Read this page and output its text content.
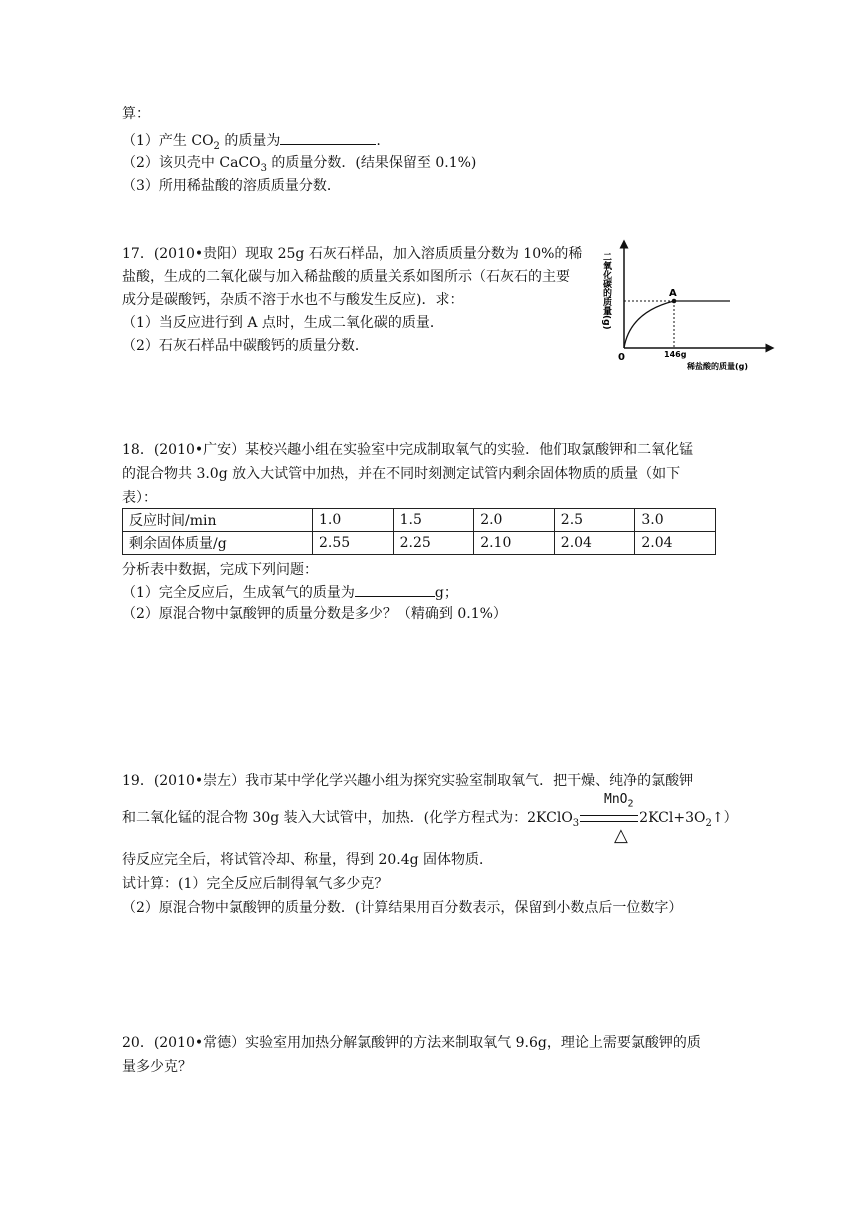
算：
（1）产生 $CO_2$ 的质量为	.
（2）该贝壳中 CaCO$_3$ 的质量分数．(结果保留至 0.1%)
（3）所用稀盐酸的溶质质量分数．
17．(2010•贵阳）现取 25g 石灰石样品，加入溶质质量分数为 10%的稀
盐酸，生成的二氧化碳与加入稀盐酸的质量关系如图所示（石灰石的主要
成分是碳酸钙，杂质不溶于水也不与酸发生反应)．求：
（1）当反应进行到 A 点时，生成二氧化碳的质量．
（2）石灰石样品中碳酸钙的质量分数．
A
0	146g
稀盐酸的质量(g)
二氧化碳的质量(g)
18．(2010•广安）某校兴趣小组在实验室中完成制取氧气的实验．他们取氯酸钾和二氧化锰
的混合物共 3.0g 放入大试管中加热，并在不同时刻测定试管内剩余固体物质的质量（如下
表）：
反应时间/min	1.0	1.5	2.0	2.5	3.0
剩余固体质量/g	2.55	2.25	2.10	2.04	2.04
分析表中数据，完成下列问题：
（1）完全反应后，生成氧气的质量为	g；
（2）原混合物中氯酸钾的质量分数是多少？（精确到 0.1%）
19．(2010•崇左）我市某中学化学兴趣小组为探究实验室制取氧气．把干燥、纯净的氯酸钾
MnO$_2$
和二氧化锰的混合物 30g 装入大试管中，加热．(化学方程式为：2KClO$_3$	$2KCl+3O_2↑$）
△
待反应完全后，将试管冷却、称量，得到 20.4g 固体物质．
试计算：(1）完全反应后制得氧气多少克？
（2）原混合物中氯酸钾的质量分数．(计算结果用百分数表示，保留到小数点后一位数字）
20．(2010•常德）实验室用加热分解氯酸钾的方法来制取氧气 9.6g，理论上需要氯酸钾的质
量多少克？
